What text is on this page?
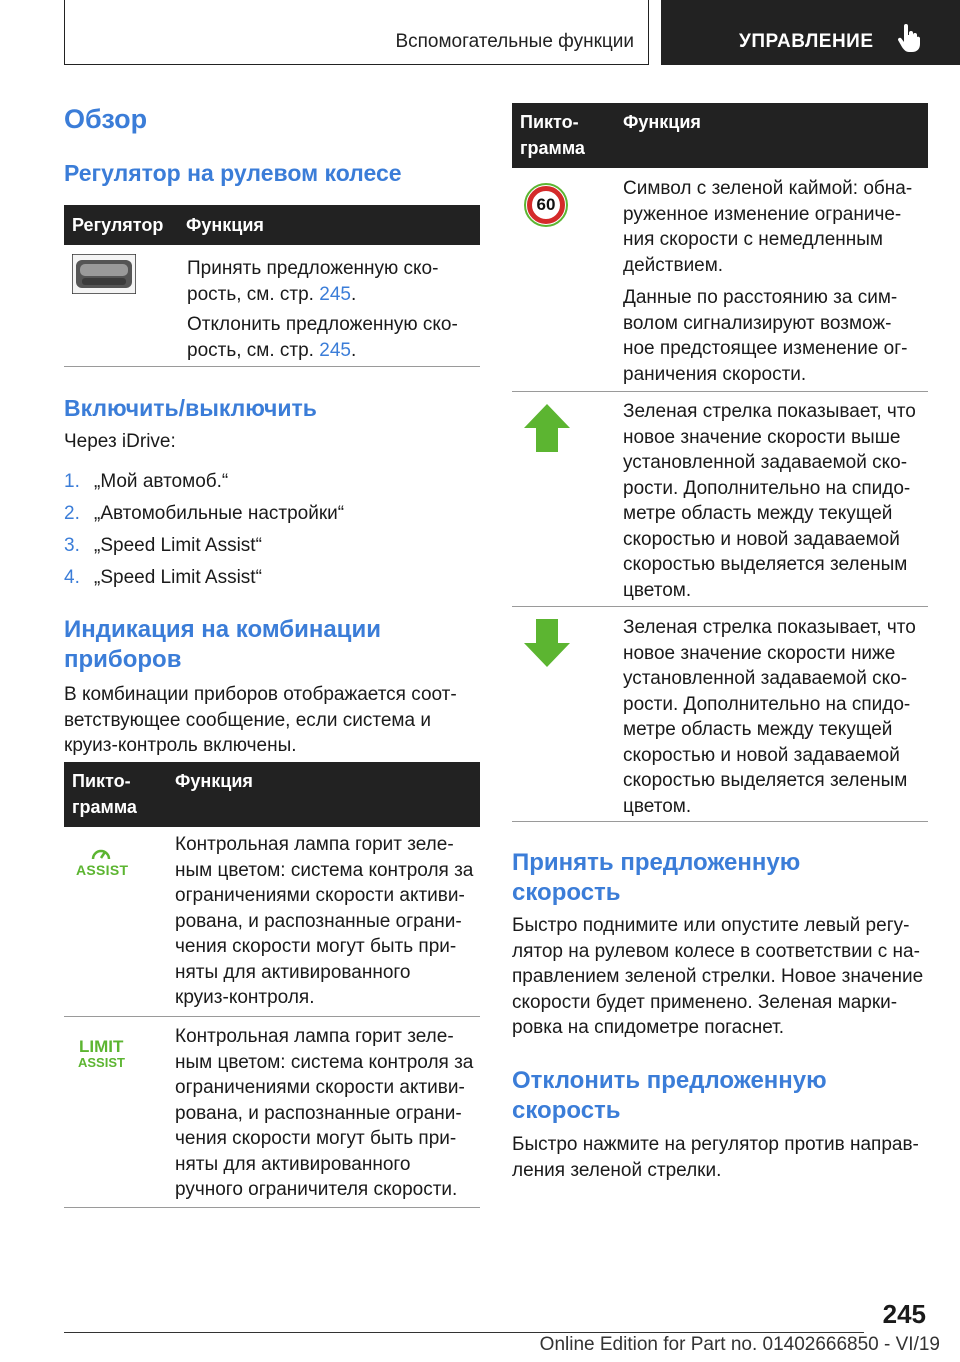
Вспомогательные функции	УПРАВЛЕНИЕ
Обзор
Регулятор на рулевом колесе
Регулятор Функция
Принять предложенную ско-
рость, см. стр. 245.
Отклонить предложенную ско-
рость, см. стр. 245.
Включить/выключить
Через iDrive:
1. „Мой автомоб.“
2. „Автомобильные настройки“
3. „Speed Limit Assist“
4. „Speed Limit Assist“
Индикация на комбинации
приборов
В комбинации приборов отображается соот-
ветствующее сообщение, если система и
круиз-контроль включены.
Пикто-
грамма
Функция
ASSIST
Контрольная лампа горит зеле-
ным цветом: система контроля за
ограничениями скорости активи-
рована, и распознанные ограни-
чения скорости могут быть при-
няты для активированного
круиз-контроля.
LIMIT
ASSIST
Контрольная лампа горит зеле-
ным цветом: система контроля за
ограничениями скорости активи-
рована, и распознанные ограни-
чения скорости могут быть при-
няты для активированного
ручного ограничителя скорости.
Пикто-
грамма
Функция
60
Символ с зеленой каймой: обна-
руженное изменение ограниче-
ния скорости с немедленным
действием.
Данные по расстоянию за сим-
волом сигнализируют возмож-
ное предстоящее изменение ог-
раничения скорости.
Зеленая стрелка показывает, что
новое значение скорости выше
установленной задаваемой ско-
рости. Дополнительно на спидо-
метре область между текущей
скоростью и новой задаваемой
скоростью выделяется зеленым
цветом.
Зеленая стрелка показывает, что
новое значение скорости ниже
установленной задаваемой ско-
рости. Дополнительно на спидо-
метре область между текущей
скоростью и новой задаваемой
скоростью выделяется зеленым
цветом.
Принять предложенную
скорость
Быстро поднимите или опустите левый регу-
лятор на рулевом колесе в соответствии с на-
правлением зеленой стрелки. Новое значение
скорости будет применено. Зеленая марки-
ровка на спидометре погаснет.
Отклонить предложенную
скорость
Быстро нажмите на регулятор против направ-
ления зеленой стрелки.
245
Online Edition for Part no. 01402666850 - VI/19
